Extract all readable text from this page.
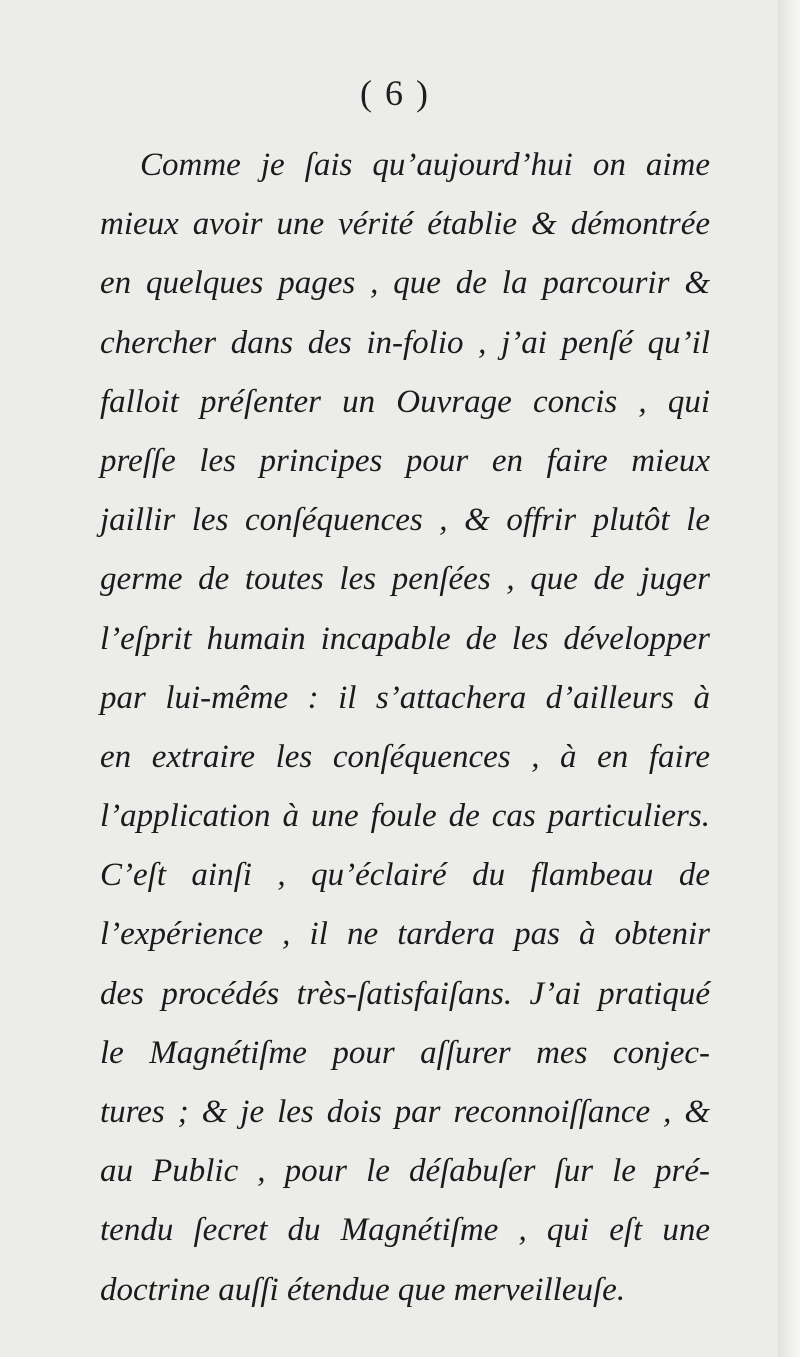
( 6 )
Comme je ſais qu’aujourd’hui on aime
mieux avoir une vérité établie & démontrée
en quelques pages , que de la parcourir &
chercher dans des in-folio , j’ai penſé qu’il
falloit préſenter un Ouvrage concis , qui
preſſe les principes pour en faire mieux
jaillir les conſéquences , & offrir plutôt le
germe de toutes les penſées , que de juger
l’eſprit humain incapable de les développer
par lui-même : il s’attachera d’ailleurs à
en extraire les conſéquences , à en faire
l’application à une foule de cas particuliers.
C’eſt ainſi , qu’éclairé du flambeau de
l’expérience , il ne tardera pas à obtenir
des procédés très-ſatisfaiſans. J’ai pratiqué
le Magnétiſme pour aſſurer mes conjec-
tures ; & je les dois par reconnoiſſance , &
au Public , pour le déſabuſer ſur le pré-
tendu ſecret du Magnétiſme , qui eſt une
doctrine auſſi étendue que merveilleuſe.
